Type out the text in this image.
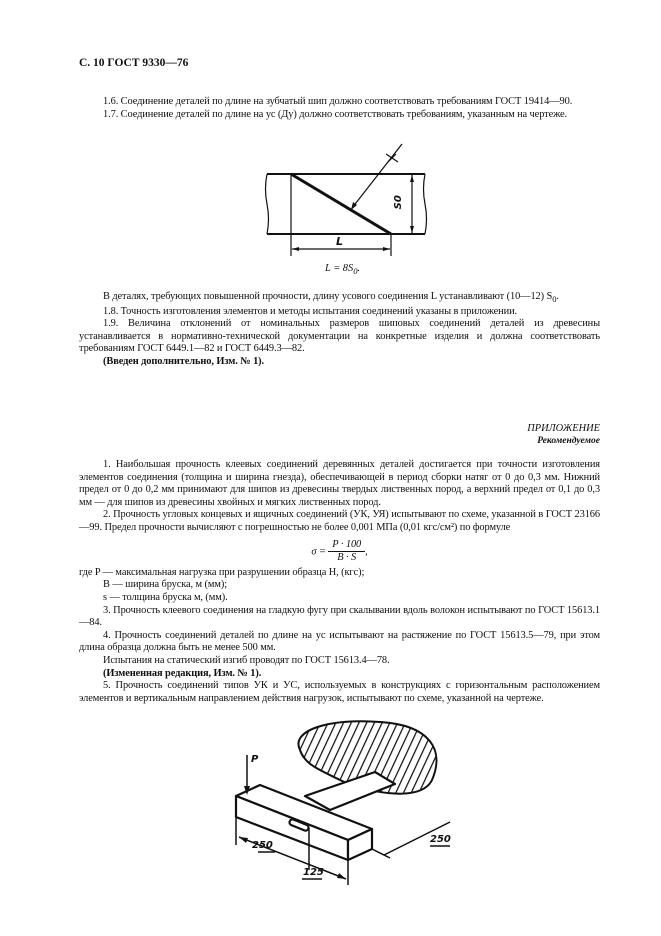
С. 10 ГОСТ 9330—76

1.6. Соединение деталей по длине на зубчатый шип должно соответствовать требованиям ГОСТ 19414—90.

1.7. Соединение деталей по длине на ус (Ду) должно соответствовать требованиям, указанным на чертеже.

L
S0
$L = 8S_0$.

В деталях, требующих повышенной прочности, длину усового соединения L устанавливают (10—12) $S_0$.

1.8. Точность изготовления элементов и методы испытания соединений указаны в приложении.

1.9. Величина отклонений от номинальных размеров шиповых соединений деталей из древесины устанавливается в нормативно-технической документации на конкретные изделия и должна соответствовать требованиям ГОСТ 6449.1—82 и ГОСТ 6449.3—82.

(Введен дополнительно, Изм. № 1).

ПРИЛОЖЕНИЕ
Рекомендуемое

1. Наибольшая прочность клеевых соединений деревянных деталей достигается при точности изготовления элементов соединения (толщина и ширина гнезда), обеспечивающей в период сборки натяг от 0 до 0,3 мм. Нижний предел от 0 до 0,2 мм принимают для шипов из древесины твердых лиственных пород, а верхний предел от 0,1 до 0,3 мм — для шипов из древесины хвойных и мягких лиственных пород.

2. Прочность угловых концевых и ящичных соединений (УК, УЯ) испытывают по схеме, указанной в ГОСТ 23166—99. Предел прочности вычисляют с погрешностью не более 0,001 МПа (0,01 кгс/см²) по формуле

$\sigma = \frac{P \cdot 100}{B \cdot S}$ ,

где P — максимальная нагрузка при разрушении образца Н, (кгс);

B — ширина бруска, м (мм);

s — толщина бруска м, (мм).

3. Прочность клеевого соединения на гладкую фугу при скалывании вдоль волокон испытывают по ГОСТ 15613.1—84.

4. Прочность соединений деталей по длине на ус испытывают на растяжение по ГОСТ 15613.5—79, при этом длина образца должна быть не менее 500 мм.

Испытания на статический изгиб проводят по ГОСТ 15613.4—78.

(Измененная редакция, Изм. № 1).

5. Прочность соединений типов УК и УС, используемых в конструкциях с горизонтальным расположением элементов и вертикальным направлением действия нагрузок, испытывают по схеме, указанной на чертеже.

P
250
125
250
